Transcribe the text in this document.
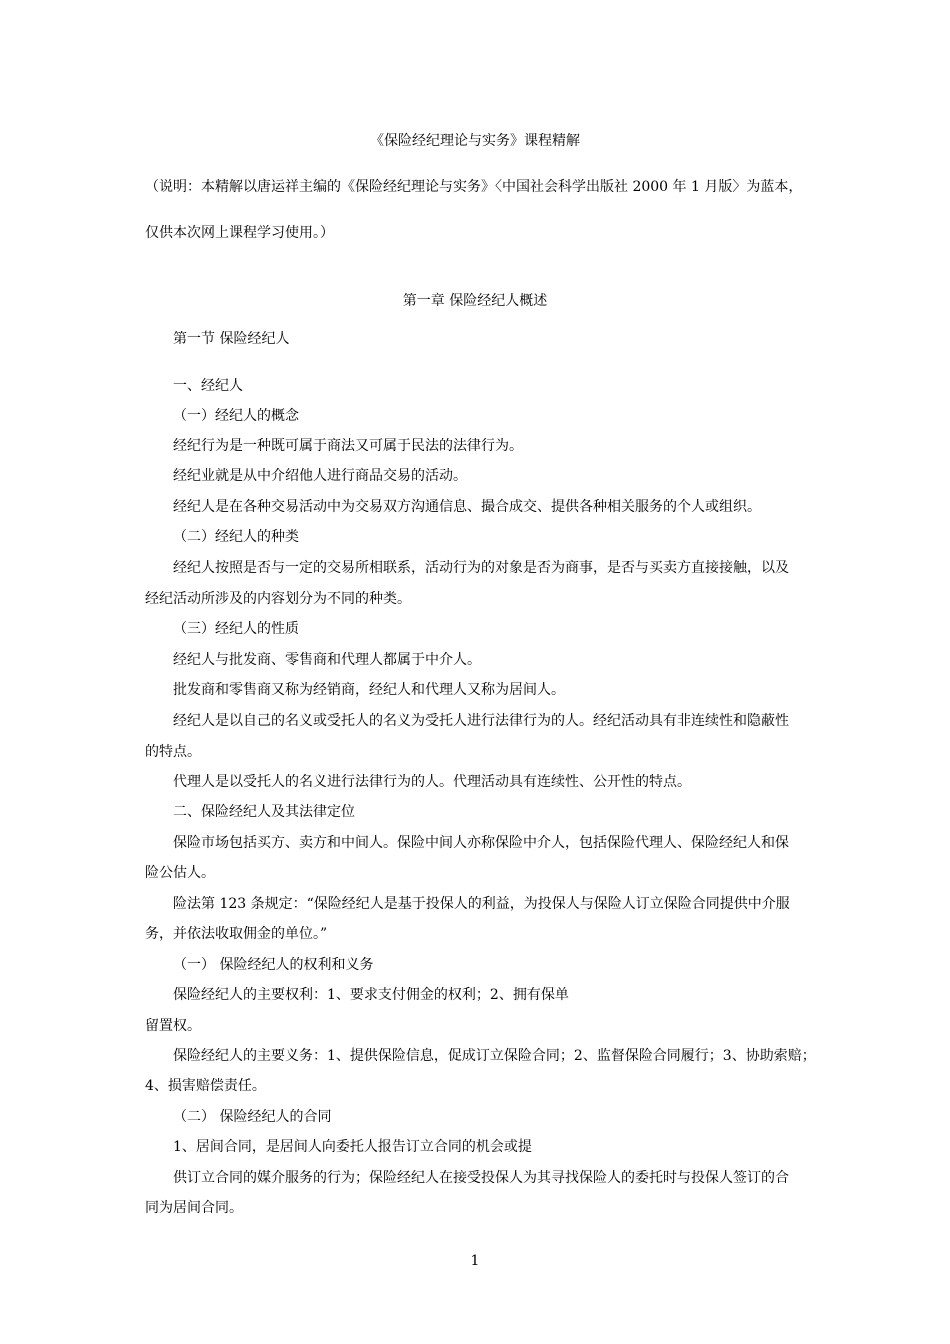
《保险经纪理论与实务》课程精解
（说明：本精解以唐运祥主编的《保险经纪理论与实务》〈中国社会科学出版社 2000 年 1 月版〉为蓝本，
仅供本次网上课程学习使用。）
第一章 保险经纪人概述
第一节 保险经纪人
一、经纪人
（一）经纪人的概念
经纪行为是一种既可属于商法又可属于民法的法律行为。
经纪业就是从中介绍他人进行商品交易的活动。
经纪人是在各种交易活动中为交易双方沟通信息、撮合成交、提供各种相关服务的个人或组织。
（二）经纪人的种类
经纪人按照是否与一定的交易所相联系，活动行为的对象是否为商事，是否与买卖方直接接触，以及
经纪活动所涉及的内容划分为不同的种类。
（三）经纪人的性质
经纪人与批发商、零售商和代理人都属于中介人。
批发商和零售商又称为经销商，经纪人和代理人又称为居间人。
经纪人是以自己的名义或受托人的名义为受托人进行法律行为的人。经纪活动具有非连续性和隐蔽性
的特点。
代理人是以受托人的名义进行法律行为的人。代理活动具有连续性、公开性的特点。
二、保险经纪人及其法律定位
保险市场包括买方、卖方和中间人。保险中间人亦称保险中介人，包括保险代理人、保险经纪人和保
险公估人。
险法第 123 条规定：“保险经纪人是基于投保人的利益，为投保人与保险人订立保险合同提供中介服
务，并依法收取佣金的单位。”
（一） 保险经纪人的权利和义务
保险经纪人的主要权利：1、要求支付佣金的权利；2、拥有保单
留置权。
保险经纪人的主要义务：1、提供保险信息，促成订立保险合同；2、监督保险合同履行；3、协助索赔；
4、损害赔偿责任。
（二） 保险经纪人的合同
1、居间合同，是居间人向委托人报告订立合同的机会或提
供订立合同的媒介服务的行为；保险经纪人在接受投保人为其寻找保险人的委托时与投保人签订的合
同为居间合同。
1
